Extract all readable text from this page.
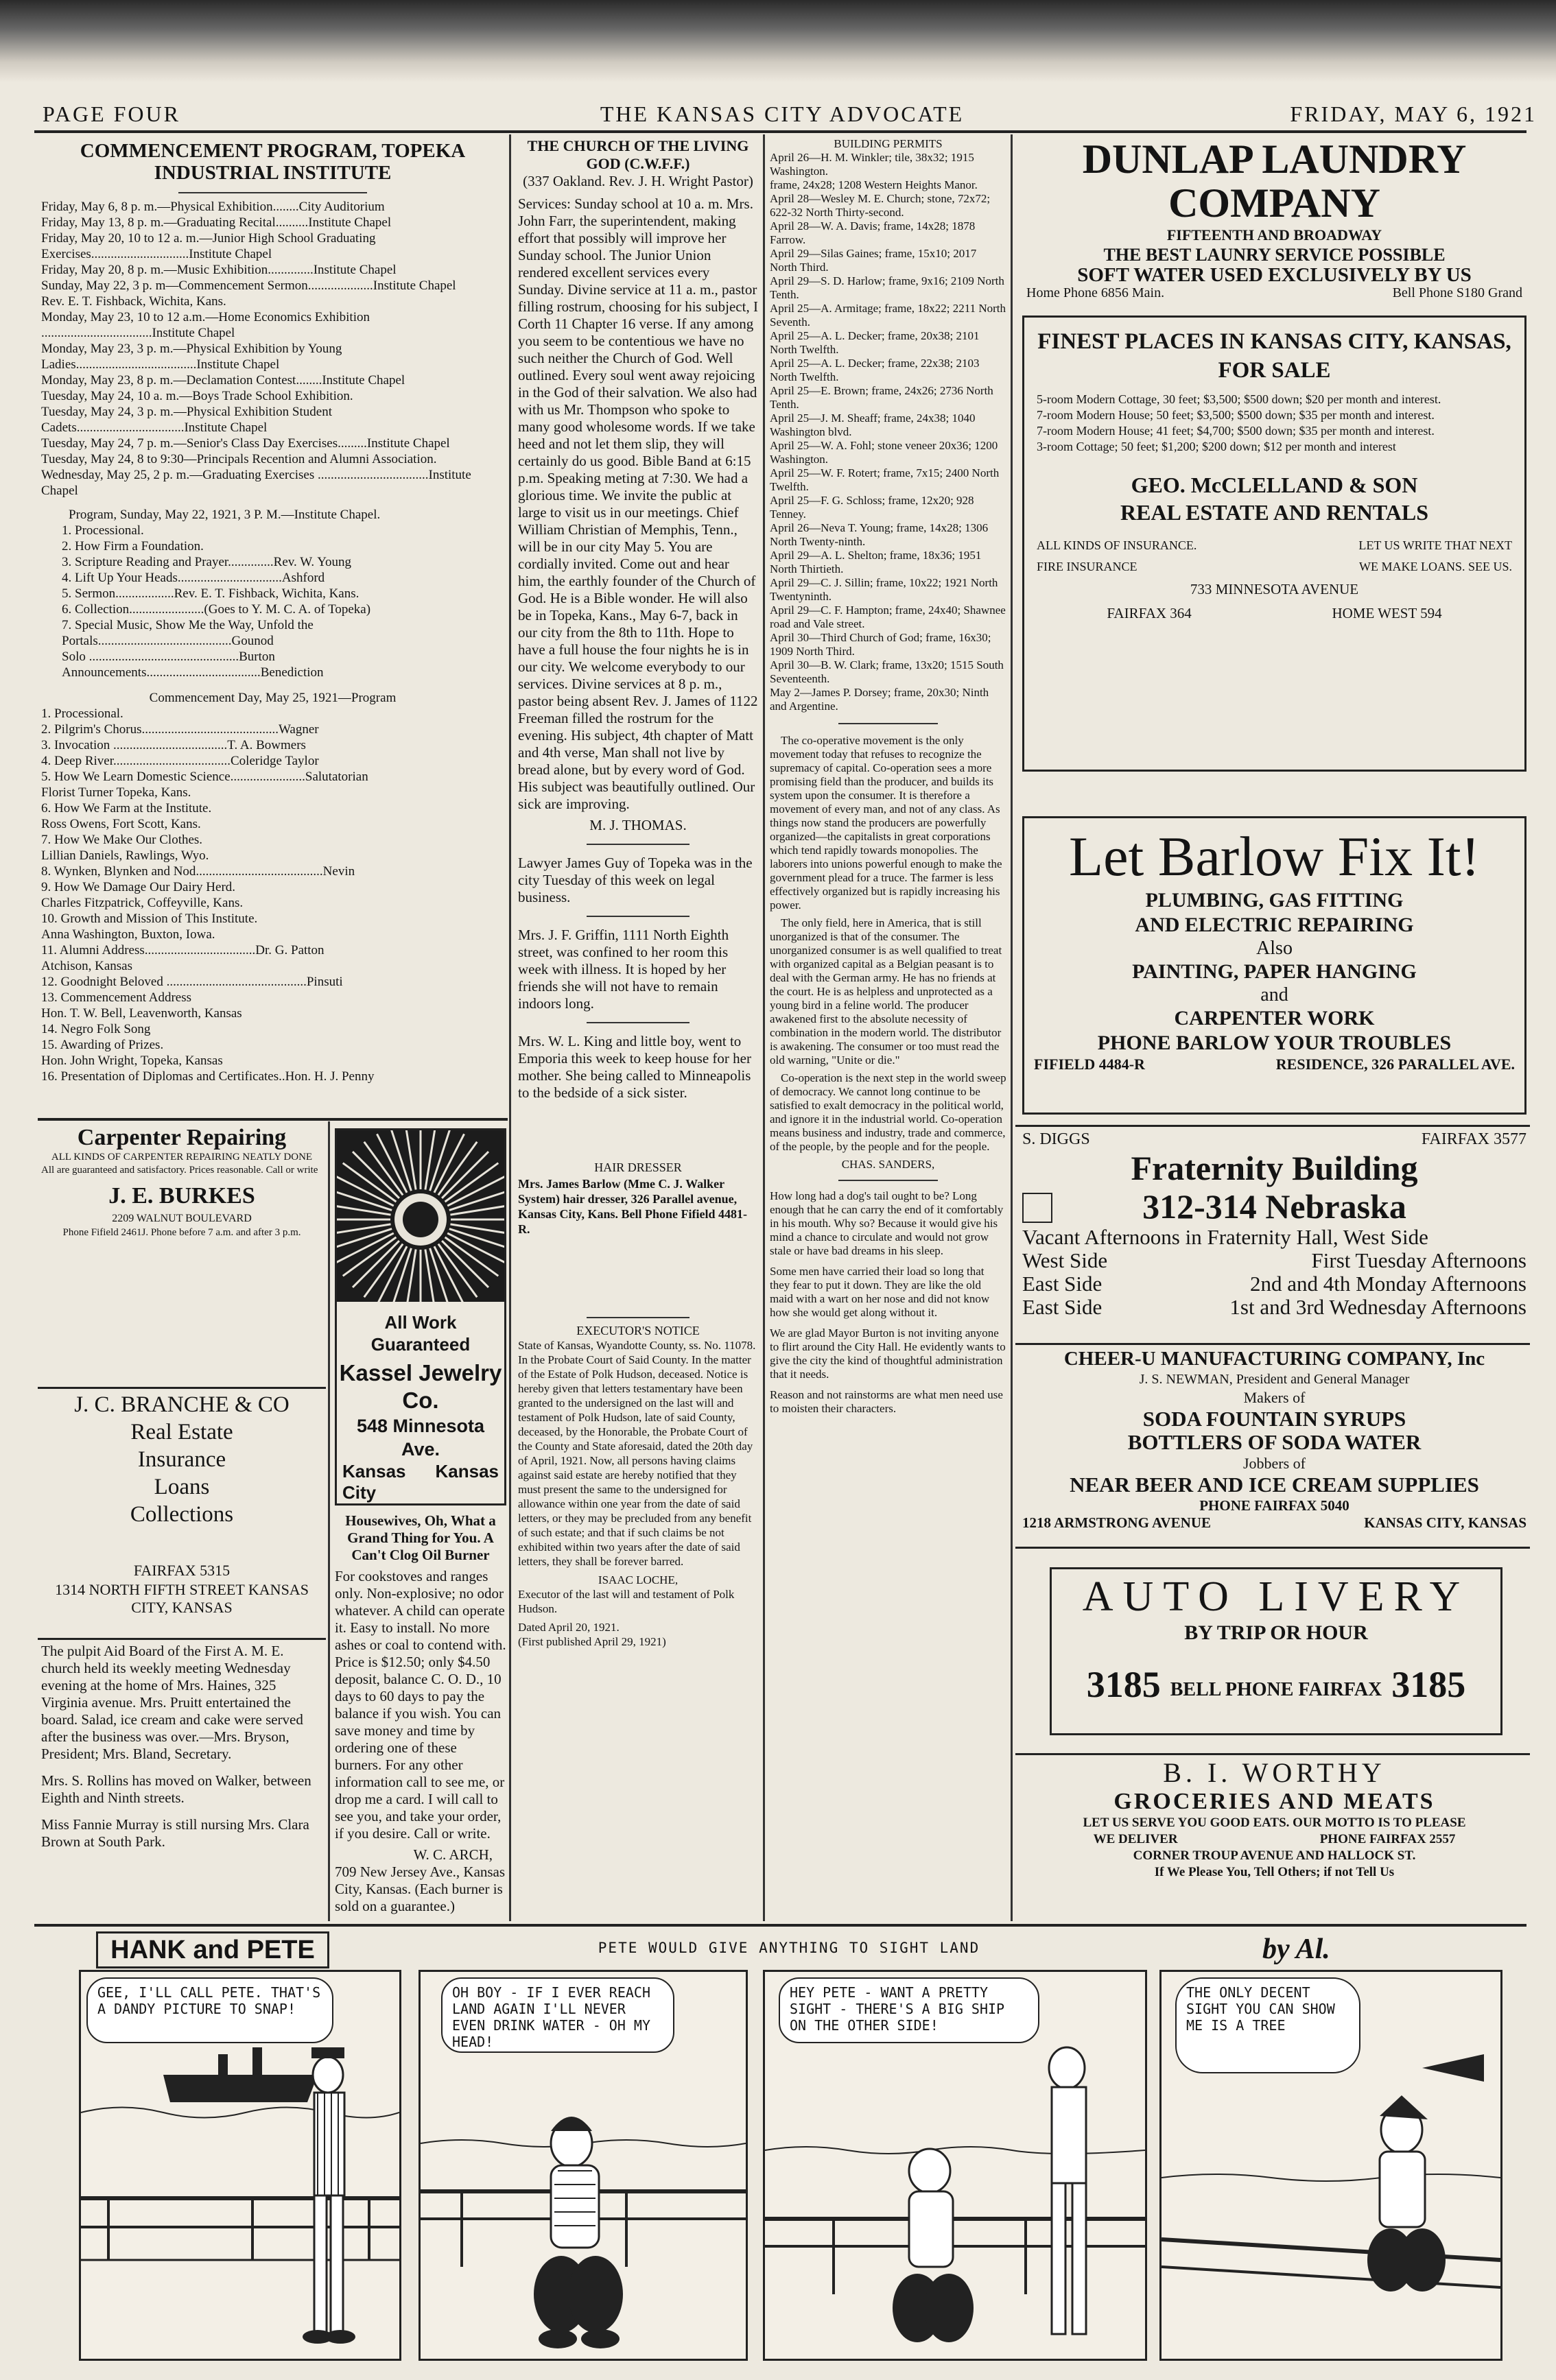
PAGE FOUR	THE KANSAS CITY ADVOCATE	FRIDAY, MAY 6, 1921
COMMENCEMENT PROGRAM, TOPEKA INDUSTRIAL INSTITUTE
Friday, May 6, 8 p. m.—Physical Exhibition........City Auditorium
Friday, May 13, 8 p. m.—Graduating Recital..........Institute Chapel
Friday, May 20, 10 to 12 a. m.—Junior High School Graduating Exercises..............................Institute Chapel
Friday, May 20, 8 p. m.—Music Exhibition..............Institute Chapel
Sunday, May 22, 3 p. m—Commencement Sermon....................Institute Chapel
Rev. E. T. Fishback, Wichita, Kans.
Monday, May 23, 10 to 12 a.m.—Home Economics Exhibition ..................................Institute Chapel
Monday, May 23, 3 p. m.—Physical Exhibition by Young Ladies.....................................Institute Chapel
Monday, May 23, 8 p. m.—Declamation Contest........Institute Chapel
Tuesday, May 24, 10 a. m.—Boys Trade School Exhibition.
Tuesday, May 24, 3 p. m.—Physical Exhibition Student Cadets.................................Institute Chapel
Tuesday, May 24, 7 p. m.—Senior's Class Day Exercises.........Institute Chapel
Tuesday, May 24, 8 to 9:30—Principals Recention and Alumni Association.
Wednesday, May 25, 2 p. m.—Graduating Exercises ..................................Institute Chapel
Program, Sunday, May 22, 1921, 3 P. M.—Institute Chapel.
1. Processional.
2. How Firm a Foundation.
3. Scripture Reading and Prayer..............Rev. W. Young
4. Lift Up Your Heads................................Ashford
5. Sermon..................Rev. E. T. Fishback, Wichita, Kans.
6. Collection.......................(Goes to Y. M. C. A. of Topeka)
7. Special Music, Show Me the Way, Unfold the Portals.........................................Gounod
Solo ..............................................Burton
Announcements...................................Benediction
Commencement Day, May 25, 1921—Program
1. Processional.
2. Pilgrim's Chorus..........................................Wagner
3. Invocation ...................................T. A. Bowmers
4. Deep River....................................Coleridge Taylor
5. How We Learn Domestic Science.......................Salutatorian
Florist Turner Topeka, Kans.
6. How We Farm at the Institute.
Ross Owens, Fort Scott, Kans.
7. How We Make Our Clothes.
Lillian Daniels, Rawlings, Wyo.
8. Wynken, Blynken and Nod.......................................Nevin
9. How We Damage Our Dairy Herd.
Charles Fitzpatrick, Coffeyville, Kans.
10. Growth and Mission of This Institute.
Anna Washington, Buxton, Iowa.
11. Alumni Address..................................Dr. G. Patton
Atchison, Kansas
12. Goodnight Beloved ...........................................Pinsuti
13. Commencement Address
Hon. T. W. Bell, Leavenworth, Kansas
14. Negro Folk Song
15. Awarding of Prizes.
Hon. John Wright, Topeka, Kansas
16. Presentation of Diplomas and Certificates..Hon. H. J. Penny
Carpenter Repairing
ALL KINDS OF CARPENTER REPAIRING NEATLY DONE
All are guaranteed and satisfactory. Prices reasonable. Call or write
J. E. BURKES
2209 WALNUT BOULEVARD
Phone Fifield 2461J. Phone before 7 a.m. and after 3 p.m.
J. C. BRANCHE & CO
Real Estate
Insurance
Loans
Collections
FAIRFAX 5315
1314 NORTH FIFTH STREET KANSAS CITY, KANSAS

The pulpit Aid Board of the First A. M. E. church held its weekly meeting Wednesday evening at the home of Mrs. Haines, 325 Virginia avenue. Mrs. Pruitt entertained the board. Salad, ice cream and cake were served after the business was over.—Mrs. Bryson, President; Mrs. Bland, Secretary.

Mrs. S. Rollins has moved on Walker, between Eighth and Ninth streets.

Miss Fannie Murray is still nursing Mrs. Clara Brown at South Park.

All Work Guaranteed
Kassel Jewelry Co.
548 Minnesota Ave.
Kansas City
Kansas
Housewives, Oh, What a Grand Thing for You. A Can't Clog Oil Burner

For cookstoves and ranges only. Non-explosive; no odor whatever. A child can operate it. Easy to install. No more ashes or coal to contend with. Price is $12.50; only $4.50 deposit, balance C. O. D., 10 days to 60 days to pay the balance if you wish. You can save money and time by ordering one of these burners. For any other information call to see me, or drop me a card. I will call to see you, and take your order, if you desire. Call or write.

W. C. ARCH,

709 New Jersey Ave., Kansas City, Kansas. (Each burner is sold on a guarantee.)

THE CHURCH OF THE LIVING GOD (C.W.F.F.)
(337 Oakland. Rev. J. H. Wright Pastor)

Services: Sunday school at 10 a. m. Mrs. John Farr, the superintendent, making effort that possibly will improve her Sunday school. The Junior Union rendered excellent services every Sunday. Divine service at 11 a. m., pastor filling rostrum, choosing for his subject, I Corth 11 Chapter 16 verse. If any among you seem to be contentious we have no such neither the Church of God. Well outlined. Every soul went away rejoicing in the God of their salvation. We also had with us Mr. Thompson who spoke to many good wholesome words. If we take heed and not let them slip, they will certainly do us good. Bible Band at 6:15 p.m. Speaking meting at 7:30. We had a glorious time. We invite the public at large to visit us in our meetings. Chief William Christian of Memphis, Tenn., will be in our city May 5. You are cordially invited. Come out and hear him, the earthly founder of the Church of God. He is a Bible wonder. He will also be in Topeka, Kans., May 6-7, back in our city from the 8th to 11th. Hope to have a full house the four nights he is in our city. We welcome everybody to our services. Divine services at 8 p. m., pastor being absent Rev. J. James of 1122 Freeman filled the rostrum for the evening. His subject, 4th chapter of Matt and 4th verse, Man shall not live by bread alone, but by every word of God. His subject was beautifully outlined. Our sick are improving.

M. J. THOMAS.

Lawyer James Guy of Topeka was in the city Tuesday of this week on legal business.

Mrs. J. F. Griffin, 1111 North Eighth street, was confined to her room this week with illness. It is hoped by her friends she will not have to remain indoors long.

Mrs. W. L. King and little boy, went to Emporia this week to keep house for her mother. She being called to Minneapolis to the bedside of a sick sister.

HAIR DRESSER

Mrs. James Barlow (Mme C. J. Walker System) hair dresser, 326 Parallel avenue, Kansas City, Kans. Bell Phone Fifield 4481-R.

EXECUTOR'S NOTICE

State of Kansas, Wyandotte County, ss. No. 11078. In the Probate Court of Said County. In the matter of the Estate of Polk Hudson, deceased. Notice is hereby given that letters testamentary have been granted to the undersigned on the last will and testament of Polk Hudson, late of said County, deceased, by the Honorable, the Probate Court of the County and State aforesaid, dated the 20th day of April, 1921. Now, all persons having claims against said estate are hereby notified that they must present the same to the undersigned for allowance within one year from the date of said letters, or they may be precluded from any benefit of such estate; and that if such claims be not exhibited within two years after the date of said letters, they shall be forever barred.

ISAAC LOCHE,

Executor of the last will and testament of Polk Hudson.

Dated April 20, 1921.
(First published April 29, 1921)
BUILDING PERMITS
April 26—H. M. Winkler; tile, 38x32; 1915 Washington.
frame, 24x28; 1208 Western Heights Manor.
April 28—Wesley M. E. Church; stone, 72x72; 622-32 North Thirty-second.
April 28—W. A. Davis; frame, 14x28; 1878 Farrow.
April 29—Silas Gaines; frame, 15x10; 2017 North Third.
April 29—S. D. Harlow; frame, 9x16; 2109 North Tenth.
April 25—A. Armitage; frame, 18x22; 2211 North Seventh.
April 25—A. L. Decker; frame, 20x38; 2101 North Twelfth.
April 25—A. L. Decker; frame, 22x38; 2103 North Twelfth.
April 25—E. Brown; frame, 24x26; 2736 North Tenth.
April 25—J. M. Sheaff; frame, 24x38; 1040 Washington blvd.
April 25—W. A. Fohl; stone veneer 20x36; 1200 Washington.
April 25—W. F. Rotert; frame, 7x15; 2400 North Twelfth.
April 25—F. G. Schloss; frame, 12x20; 928 Tenney.
April 26—Neva T. Young; frame, 14x28; 1306 North Twenty-ninth.
April 29—A. L. Shelton; frame, 18x36; 1951 North Thirtieth.
April 29—C. J. Sillin; frame, 10x22; 1921 North Twentyninth.
April 29—C. F. Hampton; frame, 24x40; Shawnee road and Vale street.
April 30—Third Church of God; frame, 16x30; 1909 North Third.
April 30—B. W. Clark; frame, 13x20; 1515 South Seventeenth.
May 2—James P. Dorsey; frame, 20x30; Ninth and Argentine.

The co-operative movement is the only movement today that refuses to recognize the supremacy of capital. Co-operation sees a more promising field than the producer, and builds its system upon the consumer. It is therefore a movement of every man, and not of any class. As things now stand the producers are powerfully organized—the capitalists in great corporations which tend rapidly towards monopolies. The laborers into unions powerful enough to make the government plead for a truce. The farmer is less effectively organized but is rapidly increasing his power.

The only field, here in America, that is still unorganized is that of the consumer. The unorganized consumer is as well qualified to treat with organized capital as a Belgian peasant is to deal with the German army. He has no friends at the court. He is as helpless and unprotected as a young bird in a feline world. The producer awakened first to the absolute necessity of combination in the modern world. The distributor is awakening. The consumer or too must read the old warning, "Unite or die."

Co-operation is the next step in the world sweep of democracy. We cannot long continue to be satisfied to exalt democracy in the political world, and ignore it in the industrial world. Co-operation means business and industry, trade and commerce, of the people, by the people and for the people.

CHAS. SANDERS,

How long had a dog's tail ought to be? Long enough that he can carry the end of it comfortably in his mouth. Why so? Because it would give his mind a chance to circulate and would not grow stale or have bad dreams in his sleep.

Some men have carried their load so long that they fear to put it down. They are like the old maid with a wart on her nose and did not know how she would get along without it.

We are glad Mayor Burton is not inviting anyone to flirt around the City Hall. He evidently wants to give the city the kind of thoughtful administration that it needs.

Reason and not rainstorms are what men need use to moisten their characters.

DUNLAP LAUNDRY
COMPANY
FIFTEENTH AND BROADWAY
THE BEST LAUNRY SERVICE POSSIBLE
SOFT WATER USED EXCLUSIVELY BY US
Home Phone 6856 Main.	Bell Phone S180 Grand
FINEST PLACES IN KANSAS CITY, KANSAS, FOR SALE
5-room Modern Cottage, 30 feet; $3,500; $500 down; $20 per month and interest.
7-room Modern House; 50 feet; $3,500; $500 down; $35 per month and interest.
7-room Modern House; 41 feet; $4,700; $500 down; $35 per month and interest.
3-room Cottage; 50 feet; $1,200; $200 down; $12 per month and interest
GEO. McCLELLAND & SON
REAL ESTATE AND RENTALS
ALL KINDS OF INSURANCE.	LET US WRITE THAT NEXT
FIRE INSURANCE	WE MAKE LOANS. SEE US.
733 MINNESOTA AVENUE
FAIRFAX 364	HOME WEST 594
Let Barlow Fix It!
PLUMBING, GAS FITTING
AND ELECTRIC REPAIRING
Also
PAINTING, PAPER HANGING
and
CARPENTER WORK
PHONE BARLOW YOUR TROUBLES
FIFIELD 4484-R	RESIDENCE, 326 PARALLEL AVE.
S. DIGGS	FAIRFAX 3577
Fraternity Building
312-314 Nebraska
Vacant Afternoons in Fraternity Hall, West Side
West Side	First Tuesday Afternoons
East Side	2nd and 4th Monday Afternoons
East Side	1st and 3rd Wednesday Afternoons
CHEER-U MANUFACTURING COMPANY, Inc
J. S. NEWMAN, President and General Manager
Makers of
SODA FOUNTAIN SYRUPS
BOTTLERS OF SODA WATER
Jobbers of
NEAR BEER AND ICE CREAM SUPPLIES
PHONE FAIRFAX 5040
1218 ARMSTRONG AVENUE	KANSAS CITY, KANSAS
AUTO LIVERY
BY TRIP OR HOUR
3185 BELL PHONE FAIRFAX 3185
B. I. WORTHY
GROCERIES AND MEATS
LET US SERVE YOU GOOD EATS. OUR MOTTO IS TO PLEASE
WE DELIVER	PHONE FAIRFAX 2557
CORNER TROUP AVENUE AND HALLOCK ST.
If We Please You, Tell Others; if not Tell Us
HANK and PETE	PETE WOULD GIVE ANYTHING TO SIGHT LAND	by Al.
GEE, I'LL CALL PETE. THAT'S A DANDY PICTURE TO SNAP!
OH BOY - IF I EVER REACH LAND AGAIN I'LL NEVER EVEN DRINK WATER - OH MY HEAD!
HEY PETE - WANT A PRETTY SIGHT - THERE'S A BIG SHIP ON THE OTHER SIDE!
THE ONLY DECENT SIGHT YOU CAN SHOW ME IS A TREE
